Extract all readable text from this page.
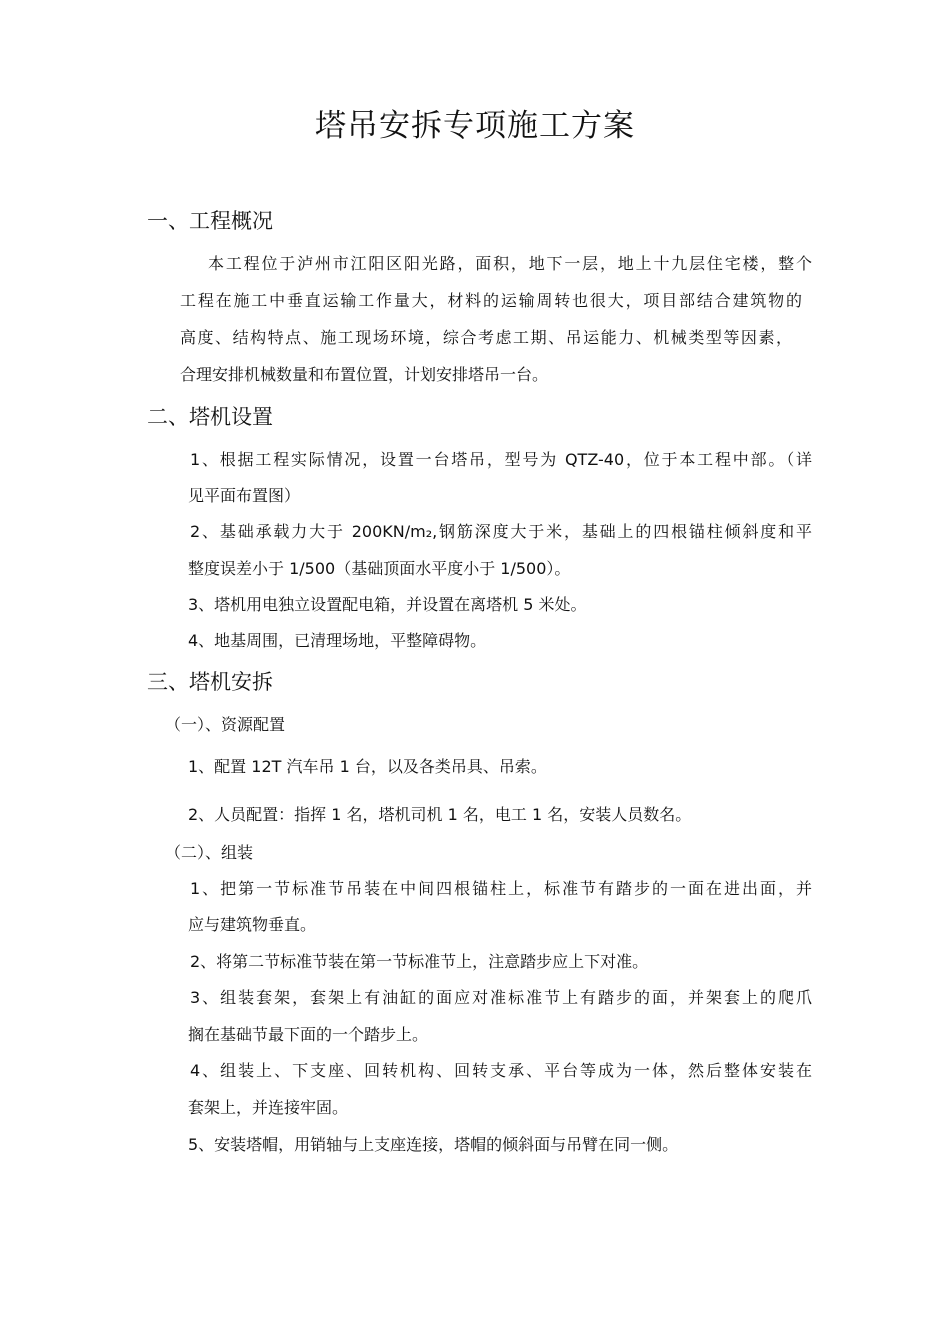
塔吊安拆专项施工方案
一、工程概况
本工程位于泸州市江阳区阳光路，面积，地下一层，地上十九层住宅楼，整个
工程在施工中垂直运输工作量大，材料的运输周转也很大，项目部结合建筑物的
高度、结构特点、施工现场环境，综合考虑工期、吊运能力、机械类型等因素，
合理安排机械数量和布置位置，计划安排塔吊一台。
二、塔机设置
1、根据工程实际情况，设置一台塔吊，型号为 QTZ-40，位于本工程中部。（详
见平面布置图）
2、基础承载力大于 200KN/m₂,钢筋深度大于米，基础上的四根锚柱倾斜度和平
整度误差小于 1/500（基础顶面水平度小于 1/500）。
3、塔机用电独立设置配电箱，并设置在离塔机 5 米处。
4、地基周围，已清理场地，平整障碍物。
三、塔机安拆
（一）、资源配置
1、配置 12T 汽车吊 1 台，以及各类吊具、吊索。
2、人员配置：指挥 1 名，塔机司机 1 名，电工 1 名，安装人员数名。
（二）、组装
1、把第一节标准节吊装在中间四根锚柱上，标准节有踏步的一面在进出面，并
应与建筑物垂直。
2、将第二节标准节装在第一节标准节上，注意踏步应上下对准。
3、组装套架，套架上有油缸的面应对准标准节上有踏步的面，并架套上的爬爪
搁在基础节最下面的一个踏步上。
4、组装上、下支座、回转机构、回转支承、平台等成为一体，然后整体安装在
套架上，并连接牢固。
5、安装塔帽，用销轴与上支座连接，塔帽的倾斜面与吊臂在同一侧。
